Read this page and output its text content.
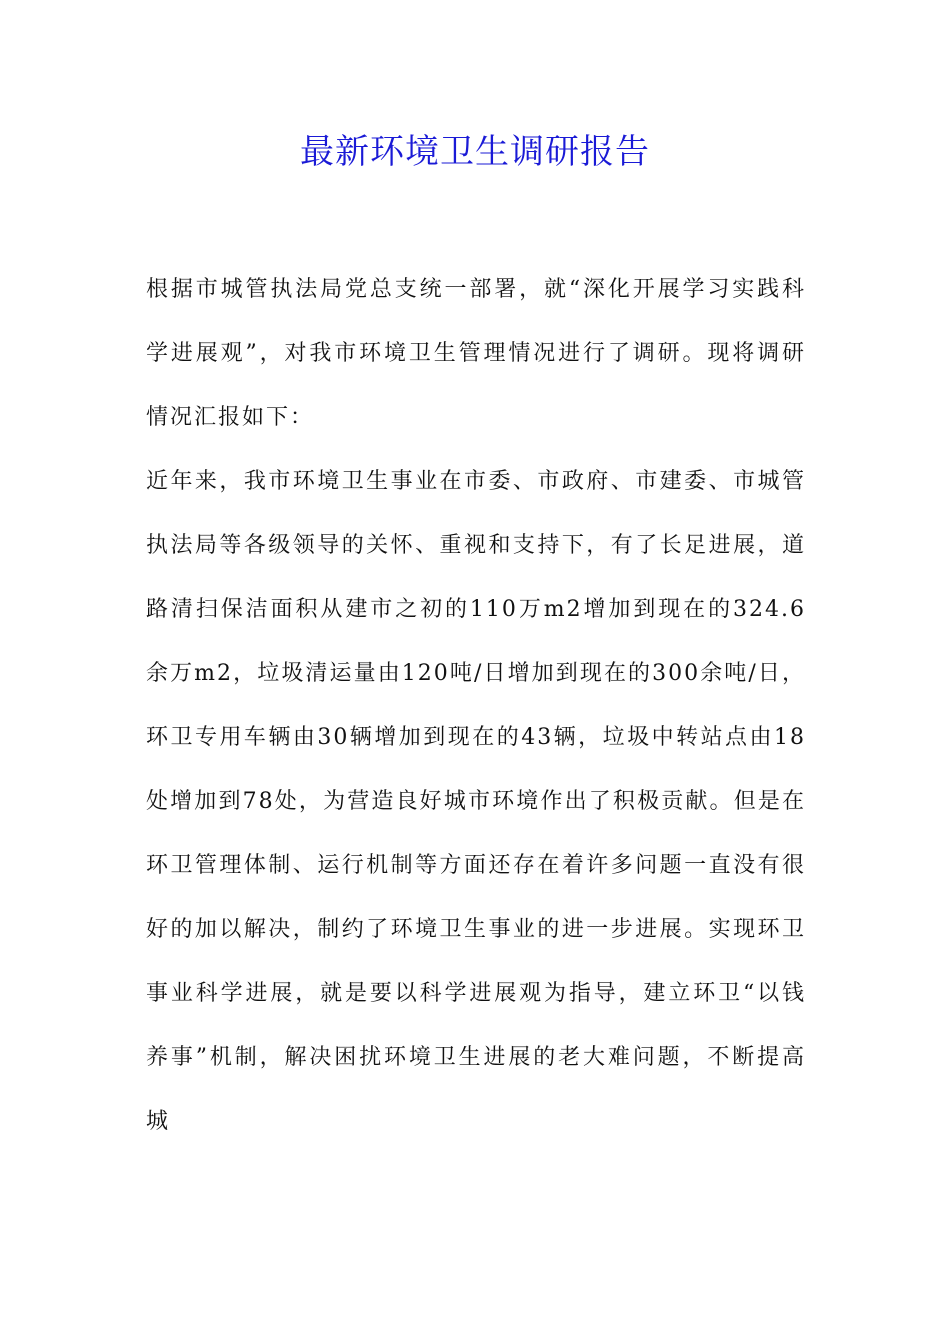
最新环境卫生调研报告

根据市城管执法局党总支统一部署，就“深化开展学习实践科学进展观”，对我市环境卫生管理情况进行了调研。现将调研情况汇报如下：

近年来，我市环境卫生事业在市委、市政府、市建委、市城管执法局等各级领导的关怀、重视和支持下，有了长足进展，道路清扫保洁面积从建市之初的110万m2增加到现在的324.6余万m2，垃圾清运量由120吨/日增加到现在的300余吨/日，环卫专用车辆由30辆增加到现在的43辆，垃圾中转站点由18处增加到78处，为营造良好城市环境作出了积极贡献。但是在环卫管理体制、运行机制等方面还存在着许多问题一直没有很好的加以解决，制约了环境卫生事业的进一步进展。实现环卫事业科学进展，就是要以科学进展观为指导，建立环卫“以钱养事”机制，解决困扰环境卫生进展的老大难问题，不断提高城
